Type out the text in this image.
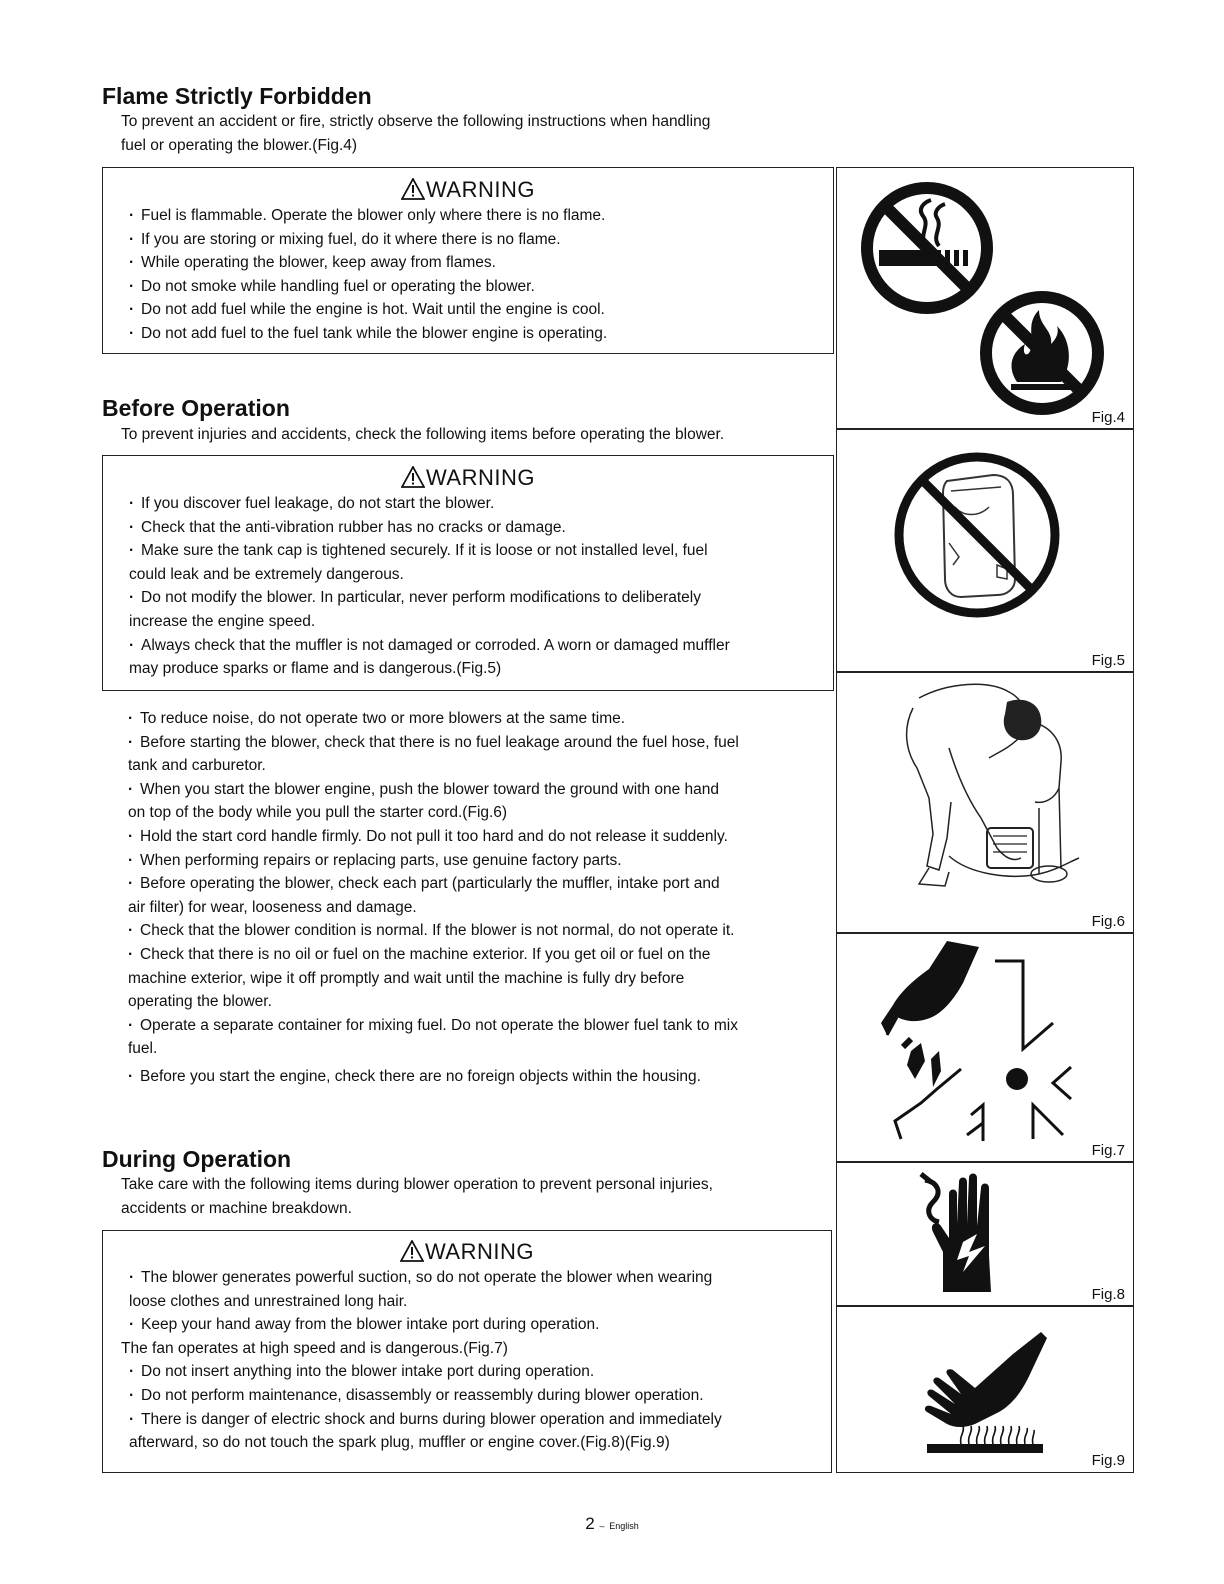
Flame Strictly Forbidden
To prevent an accident or fire, strictly observe the following instructions when handling
fuel or operating the blower.(Fig.4)
WARNING
· Fuel is flammable. Operate the blower only where there is no flame.
· If you are storing or mixing fuel, do it where there is no flame.
· While operating the blower, keep away from flames.
· Do not smoke while handling fuel or operating the blower.
· Do not add fuel while the engine is hot. Wait until the engine is cool.
· Do not add fuel to the fuel tank while the blower engine is operating.
Before Operation
To prevent injuries and accidents, check the following items before operating the blower.
WARNING
· If you discover fuel leakage, do not start the blower.
· Check that the anti-vibration rubber has no cracks or damage.
· Make sure the tank cap is tightened securely. If it is loose or not installed level, fuel
could leak and be extremely dangerous.
· Do not modify the blower. In particular, never perform modifications to deliberately
increase the engine speed.
· Always check that the muffler is not damaged or corroded. A worn or damaged muffler
may produce sparks or flame and is dangerous.(Fig.5)
· To reduce noise, do not operate two or more blowers at the same time.
· Before starting the blower, check that there is no fuel leakage around the fuel hose, fuel
tank and carburetor.
· When you start the blower engine, push the blower toward the ground with one hand
on top of the body while you pull the starter cord.(Fig.6)
· Hold the start cord handle firmly. Do not pull it too hard and do not release it suddenly.
· When performing repairs or replacing parts, use genuine factory parts.
· Before operating the blower, check each part (particularly the muffler, intake port and
air filter) for wear, looseness and damage.
· Check that the blower condition is normal. If the blower is not normal, do not operate it.
· Check that there is no oil or fuel on the machine exterior. If you get oil or fuel on the
machine exterior, wipe it off promptly and wait until the machine is fully dry before
operating the blower.
· Operate a separate container for mixing fuel. Do not operate the blower fuel tank to mix
fuel.
· Before you start the engine, check there are no foreign objects within the housing.
During Operation
Take care with the following items during blower operation to prevent personal injuries,
accidents or machine breakdown.
WARNING
· The blower generates powerful suction, so do not operate the blower when wearing
loose clothes and unrestrained long hair.
· Keep your hand away from the blower intake port during operation.
The fan operates at high speed and is dangerous.(Fig.7)
· Do not insert anything into the blower intake port during operation.
· Do not perform maintenance, disassembly or reassembly during blower operation.
· There is danger of electric shock and burns during blower operation and immediately
afterward, so do not touch the spark plug, muffler or engine cover.(Fig.8)(Fig.9)
Fig.4
Fig.5
Fig.6
Fig.7
Fig.8
Fig.9
2 – English
